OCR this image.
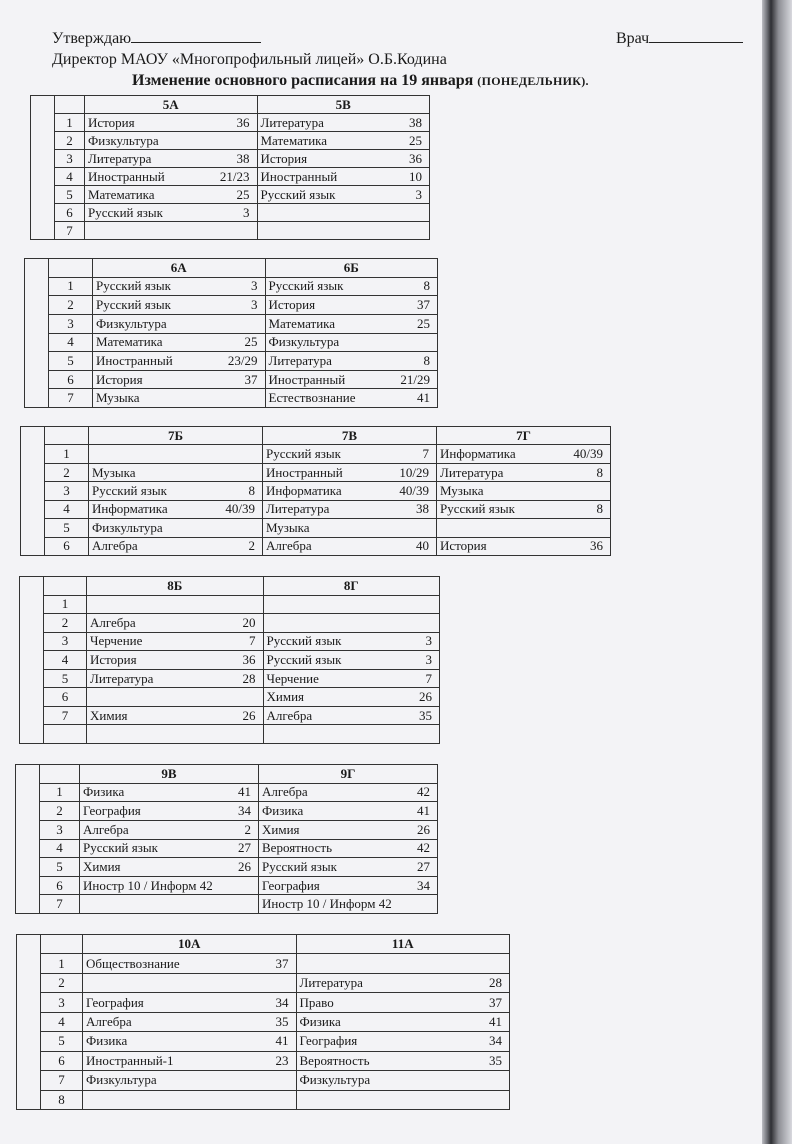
Утверждаю	Врач
Директор МАОУ «Многопрофильный лицей» О.Б.Кодина
Изменение основного расписания на 19 января (ПОНЕДЕЛЬНИК).
		5А	5В
	1	История 36	Литература 38

	2	Физкультура	Математика 25

	3	Литература 38	История 36

	4	Иностранный 21/23	Иностранный 10

	5	Математика 25	Русский язык 3

	6	Русский язык 3	

	7	

		6А	6Б
	1	Русский язык 3	Русский язык 8

	2	Русский язык 3	История 37

	3	Физкультура	Математика 25

	4	Математика 25	Физкультура

	5	Иностранный 23/29	Литература 8

	6	История 37	Иностранный 21/29

	7	Музыка	Естествознание 41
		7Б	7В	7Г
	1		Русский язык 7	Информатика 40/39

	2	Музыка	Иностранный 10/29	Литература 8

	3	Русский язык 8	Информатика 40/39	Музыка

	4	Информатика 40/39	Литература 38	Русский язык 8

	5	Физкультура	Музыка	

	6	Алгебра 2	Алгебра 40	История 36
		8Б	8Г
	1	

	2	Алгебра 20	

	3	Черчение 7	Русский язык 3

	4	История 36	Русский язык 3

	5	Литература 28	Черчение 7

	6		Химия 26

	7	Химия 26	Алгебра 35

		9В	9Г
	1	Физика 41	Алгебра 42

	2	География 34	Физика 41

	3	Алгебра 2	Химия 26

	4	Русский язык 27	Вероятность 42

	5	Химия 26	Русский язык 27

	6	Иностр 10 / Информ 42	География 34

	7		Иностр 10 / Информ 42
		10А	11А
	1	Обществознание 37	

	2		Литература 28

	3	География 34	Право 37

	4	Алгебра 35	Физика 41

	5	Физика 41	География 34

	6	Иностранный-1 23	Вероятность 35

	7	Физкультура	Физкультура

	8	
